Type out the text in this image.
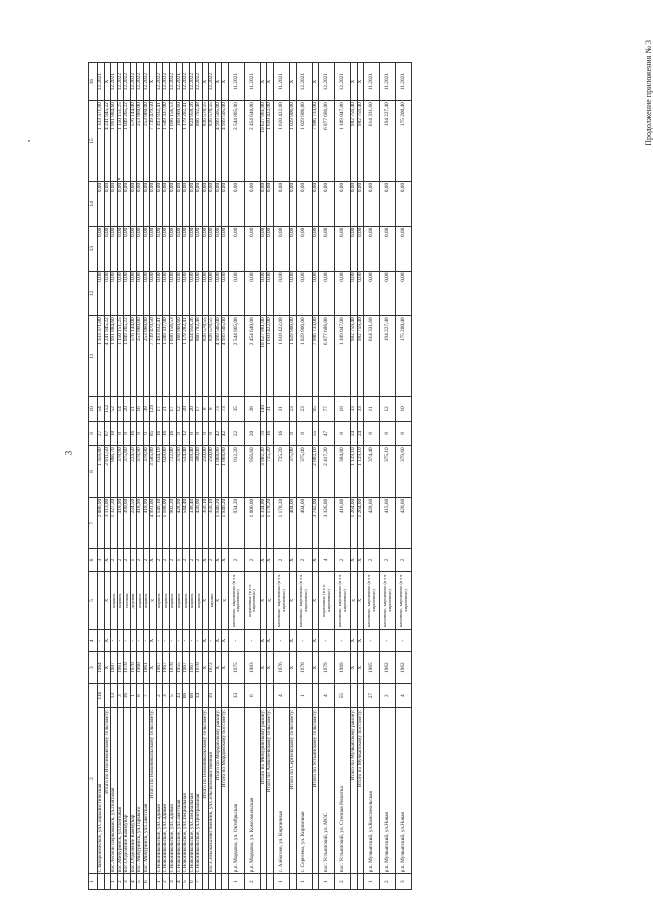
3
Продолжение приложения № 3
1	2		3	4	5	6	7	8	9	10	11	12	13	14	15	16
	с.Заворонежское, ул.Социалистическая	116	1964	-		3	2 086,90	1 359,80	27	54	1 333 371,80	0,00	0,00	0,00	1 333 371,80	12.2021
	Итого по Изосимовскому сельсовету:		X	X	X	X	3 113,00	2 611,50	67	152	4 241 945,22	0,00	0,00	0,00	4 241 945,22	X
1	пос.Лесной Первомайск, ул.Почтовая	13	1987	-	кирпич.	2	1 327,20	866,70	18	52	1 991 884,60	0,00	0,00	0,00	1 991 884,60	12.2021
2	пос.Мичуринск, ул.Почтовая	3	1961	-	кирпич.	2	418,90	378,90	8	14	1 150 151,25	0,00	0,00	0,00	1 150 151,25	12.2022
3	пос.Отделение Коммунар	16	1970	-	смешан.	2	390,60	375,60	8	20	1 049 265,22	0,00	0,00	0,00	1 049 265,22	12.2022
4	пос.Отделение Коммунар	1	1970	-	деревян.	1	224,50	224,50	16	11	576 144,00	0,00	0,00	0,00	576 144,00	12.2022
5	пос. Мичуринск, ул.Горького	8	1960	-	кирпич.	2	418,90	378,90	9	16	253 860,00	0,00	0,00	0,00	253 860,00	12.2022
6	пос. Мичуринск, ул.Советская	7	1961	-	кирпич.	2	418,90	378,90	9	39	253 860,00	0,00	0,00	0,00	253 860,00	12.2022
	Итого по Новоникольскому сельсовету:		X	X	X	X	4 991,00	3 585,80	85	129	7 739 479,50	0,00	0,00	0,00	7 739 479,50	X
1	с.Новоникольское, ул.Садовая	2	1967	-	кирпич.	2	1 149,10	634,10	16	17	1 493 832,41	0,00	0,00	0,00	1 493 832,41	12.2022
2	с.Новоникольское, ул.Садовая	3	1967	-	кирпич.	2	1 188,00	628,00	16	21	1 509 337,00	0,00	0,00	0,00	1 509 337,00	12.2022
3	с.Новоникольское, ул.Садовая	5	1970	-	кирпич.	2	902,20	722,00	16	17	1 696 156,53	0,00	0,00	0,00	1 696 156,53	12.2022
4	с.Новоникольское, ул.Советская	33	1955	-	кирпич.	1	428,90	378,90	9	12	168 960,60	0,00	0,00	0,00	168 960,60	12.2021
5	с.Новоникольское, ул.Специальная	66	1967	-	кирпич.	2	544,40	524,40	12	20	1 179 282,41	0,00	0,00	0,00	1 179 282,41	12.2022
6	с.Новоникольское, ул.Специальная	68	1967	-	кирпич.	2	338,40	318,40	8	20	824 958,26	0,00	0,00	0,00	824 958,26	12.2022
7	с.Новоникольское, ул.Центральная	14	1970	-	кирпич.	2	420,00	380,00	8	17	866 792,48	0,00	0,00	0,00	866 792,48	12.2022
	Итого по Новоникольскому сельсовету:		X	X	X	X	359,10	250,00	8	8	826 578,55	0,00	0,00	0,00	826 578,55	X
	пос.Сельскохозяйственник, ул.Сельскохозяйственная	19	1972	-	кирпич	2	359,10	250,00	8	8	826 578,55	0,00	0,00	0,00	826 578,55	12.2022
	Итого по Мордовскому району:		X	X	X	X	1 940,20	1 868,80	42	73	4 999 505,00	0,00	0,00	0,00	4 999 505,00	X
	Итого по Мордовскому поссовету:		X	X	X	X	1 940,20	1 868,80	42	73	4 999 505,00	0,00	0,00	0,00	4 999 505,00	X
1	р.п. Мордово, ул. Октябрьская	33	1975	-	каменные, кирпичные (в т.ч. кирпичные)	2	934,20	912,20	22	35	2 544 865,00	0,00	0,00	0,00	2 544 865,00	11.2021
2	р.п. Мордово, ул. Комсомольская	6	1983	-	кирпичные (в т.ч. кирпичные)	2	1 006,00	956,60	20	38	2 454 640,00	0,00	0,00	0,00	2 454 640,00	11.2021
	Итого по Мичуринскому району:		X	X	X	X	5 334,80	3 902,30	79	149	10 627 961,00	0,00	0,00	0,00	10 627 961,00	X
	Итого по Алёксеевскому сельсовету:		X	X	X	X	1 178,20	725,20	16	31	1 610 422,00	0,00	0,00	0,00	1 610 422,00	X
1	с. Алёксеев, ул. Кирпичная	4	1976	-	каменные, кирпичные (в т.ч. кирпичные)	2	1 178,20	725,20	16	31	1 610 422,00	0,00	0,00	0,00	1 610 422,00	11.2021
	Итого по Сергеевскому сельсовету:		X	X	X	X	404,60	375,00	8	23	1 029 906,00	0,00	0,00	0,00	1 029 906,00	X
1	с. Сергеево, ул. Кирпичная	1	1970	-	каменные, кирпичные (в т.ч. кирпичные)	2	404,60	375,00	8	23	1 029 906,00	0,00	0,00	0,00	1 029 906,00	12.2021
	Итого по Устьинскому сельсовету:		X	X	X	X	3 742,00	2 802,10	55	95	7 986 733,00	0,00	0,00	0,00	7 986 733,00	X
1	пос. Устьинский, ул. МОС	4	1979	-	кирпичные (в т.ч. кирпичные)	4	3 326,00	2 417,30	47	77	6 877 686,00	0,00	0,00	0,00	6 877 686,00	12.2021
2	пос. Устьинский, ул. Степная Решетка	55	1969	-	каменные, кирпичные (в т.ч. кирпичные)	2	416,00	384,80	8	18	1 109 047,00	0,00	0,00	0,00	1 109 047,00	12.2021
	Итого по Мучкапскому району:		X	X	X	X	1 264,60	1 129,10	24	33	982 759,40	0,00	0,00	0,00	982 759,40	X
	Итого по Мучкапскому поссовету:		X	X	X	X	1 264,60	1 129,10	24	33	982 759,40	0,00	0,00	0,00	982 759,40	X
1	р.п. Мучкапский, ул.Комсомольская	27	1965	-	каменные, кирпичные (в т.ч. кирпичные)	2	428,60	374,40	8	11	614 331,60	0,00	0,00	0,00	614 331,60	11.2021
2	р.п. Мучкапский, ул.Новая	2	1962	-	каменные, кирпичные (в т.ч. кирпичные)	2	415,60	375,10	8	12	194 227,40	0,00	0,00	0,00	194 227,40	11.2021
3	р.п. Мучкапский, ул.Новая	4	1962	-	каменные, кирпичные (в т.ч. кирпичные)	2	420,60	379,60	8	10	175 200,40	0,00	0,00	0,00	175 200,40	11.2021
